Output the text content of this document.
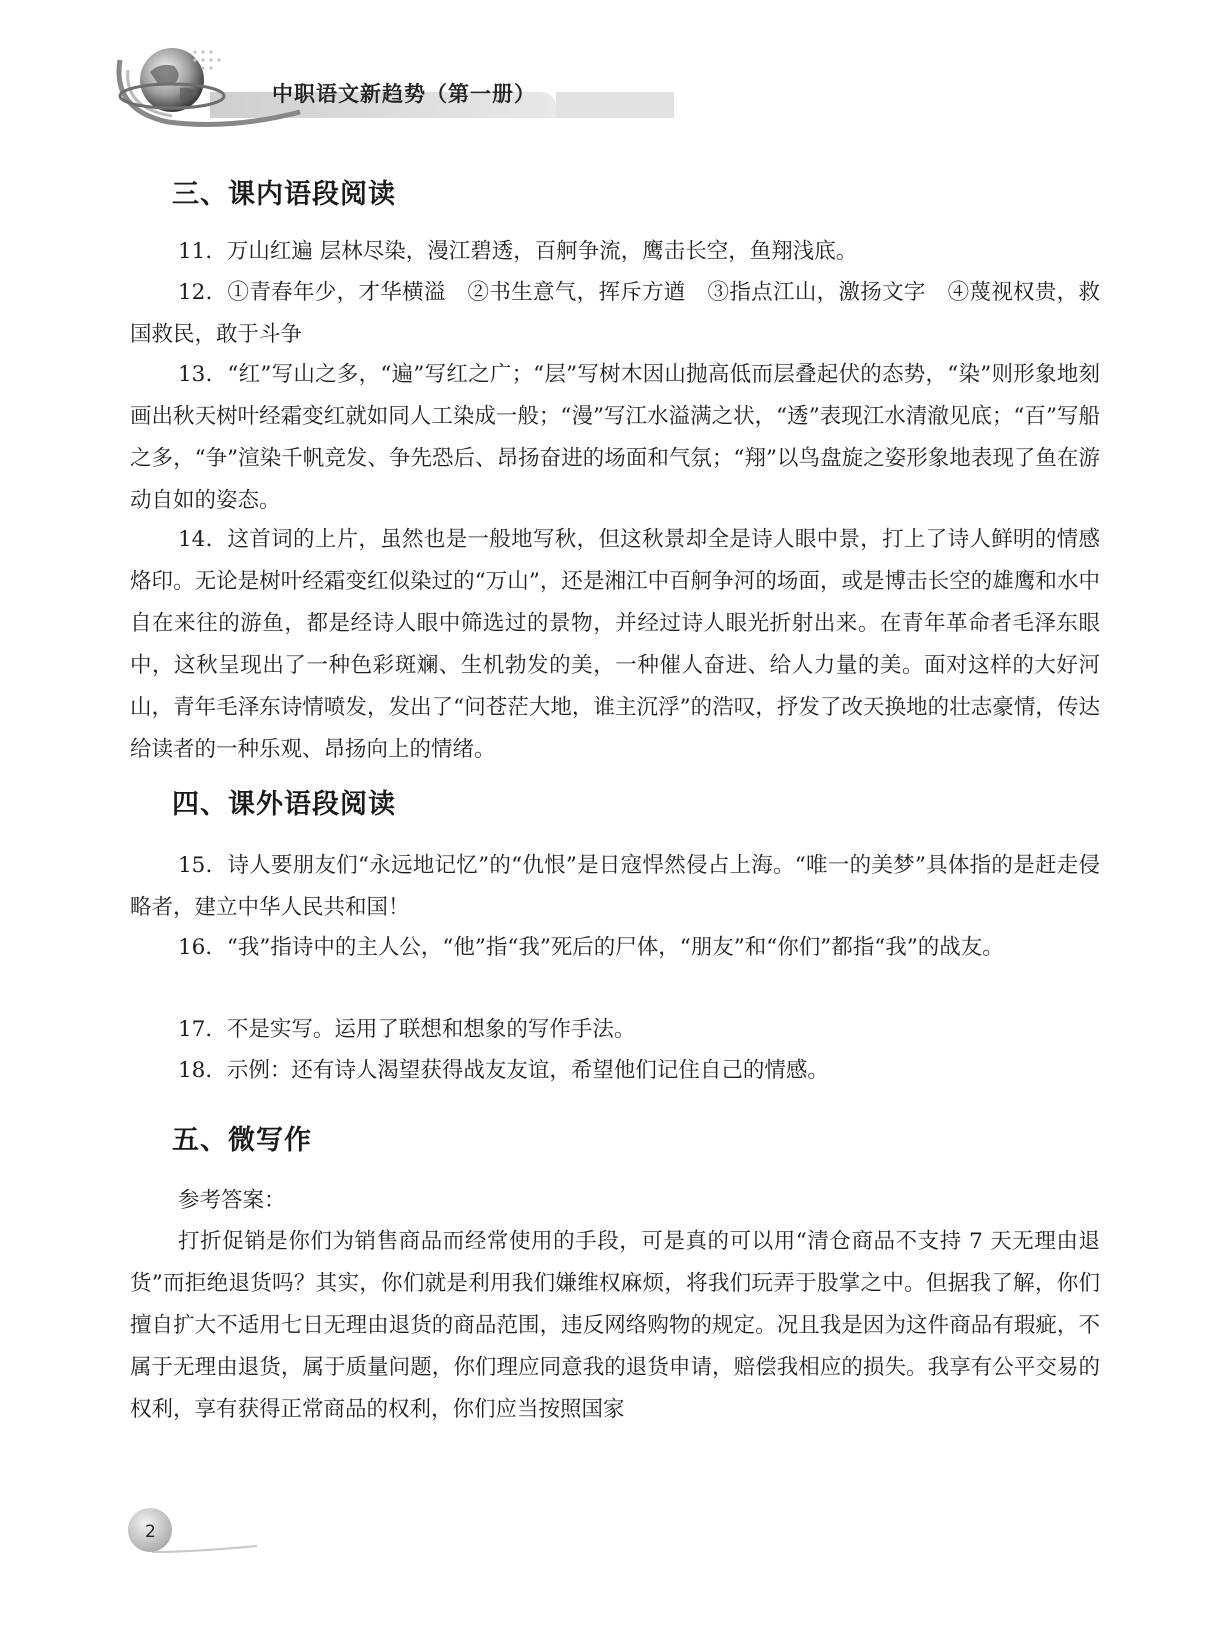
中职语文新趋势（第一册）
三、课内语段阅读

11．万山红遍 层林尽染，漫江碧透，百舸争流，鹰击长空，鱼翔浅底。

12．①青春年少，才华横溢　②书生意气，挥斥方遒　③指点江山，激扬文字　④蔑视权贵，救国救民，敢于斗争

13．“红”写山之多，“遍”写红之广；“层”写树木因山抛高低而层叠起伏的态势，“染”则形象地刻画出秋天树叶经霜变红就如同人工染成一般；“漫”写江水溢满之状，“透”表现江水清澈见底；“百”写船之多，“争”渲染千帆竞发、争先恐后、昂扬奋进的场面和气氛；“翔”以鸟盘旋之姿形象地表现了鱼在游动自如的姿态。

14．这首词的上片，虽然也是一般地写秋，但这秋景却全是诗人眼中景，打上了诗人鲜明的情感烙印。无论是树叶经霜变红似染过的“万山”，还是湘江中百舸争河的场面，或是博击长空的雄鹰和水中自在来往的游鱼，都是经诗人眼中筛选过的景物，并经过诗人眼光折射出来。在青年革命者毛泽东眼中，这秋呈现出了一种色彩斑斓、生机勃发的美，一种催人奋进、给人力量的美。面对这样的大好河山，青年毛泽东诗情喷发，发出了“问苍茫大地，谁主沉浮”的浩叹，抒发了改天换地的壮志豪情，传达给读者的一种乐观、昂扬向上的情绪。

四、课外语段阅读

15．诗人要朋友们“永远地记忆”的“仇恨”是日寇悍然侵占上海。“唯一的美梦”具体指的是赶走侵略者，建立中华人民共和国！

16．“我”指诗中的主人公，“他”指“我”死后的尸体，“朋友”和“你们”都指“我”的战友。

17．不是实写。运用了联想和想象的写作手法。

18．示例：还有诗人渴望获得战友友谊，希望他们记住自己的情感。

五、微写作

参考答案：

打折促销是你们为销售商品而经常使用的手段，可是真的可以用“清仓商品不支持 7 天无理由退货”而拒绝退货吗？其实，你们就是利用我们嫌维权麻烦，将我们玩弄于股掌之中。但据我了解，你们擅自扩大不适用七日无理由退货的商品范围，违反网络购物的规定。况且我是因为这件商品有瑕疵，不属于无理由退货，属于质量问题，你们理应同意我的退货申请，赔偿我相应的损失。我享有公平交易的权利，享有获得正常商品的权利，你们应当按照国家

2
